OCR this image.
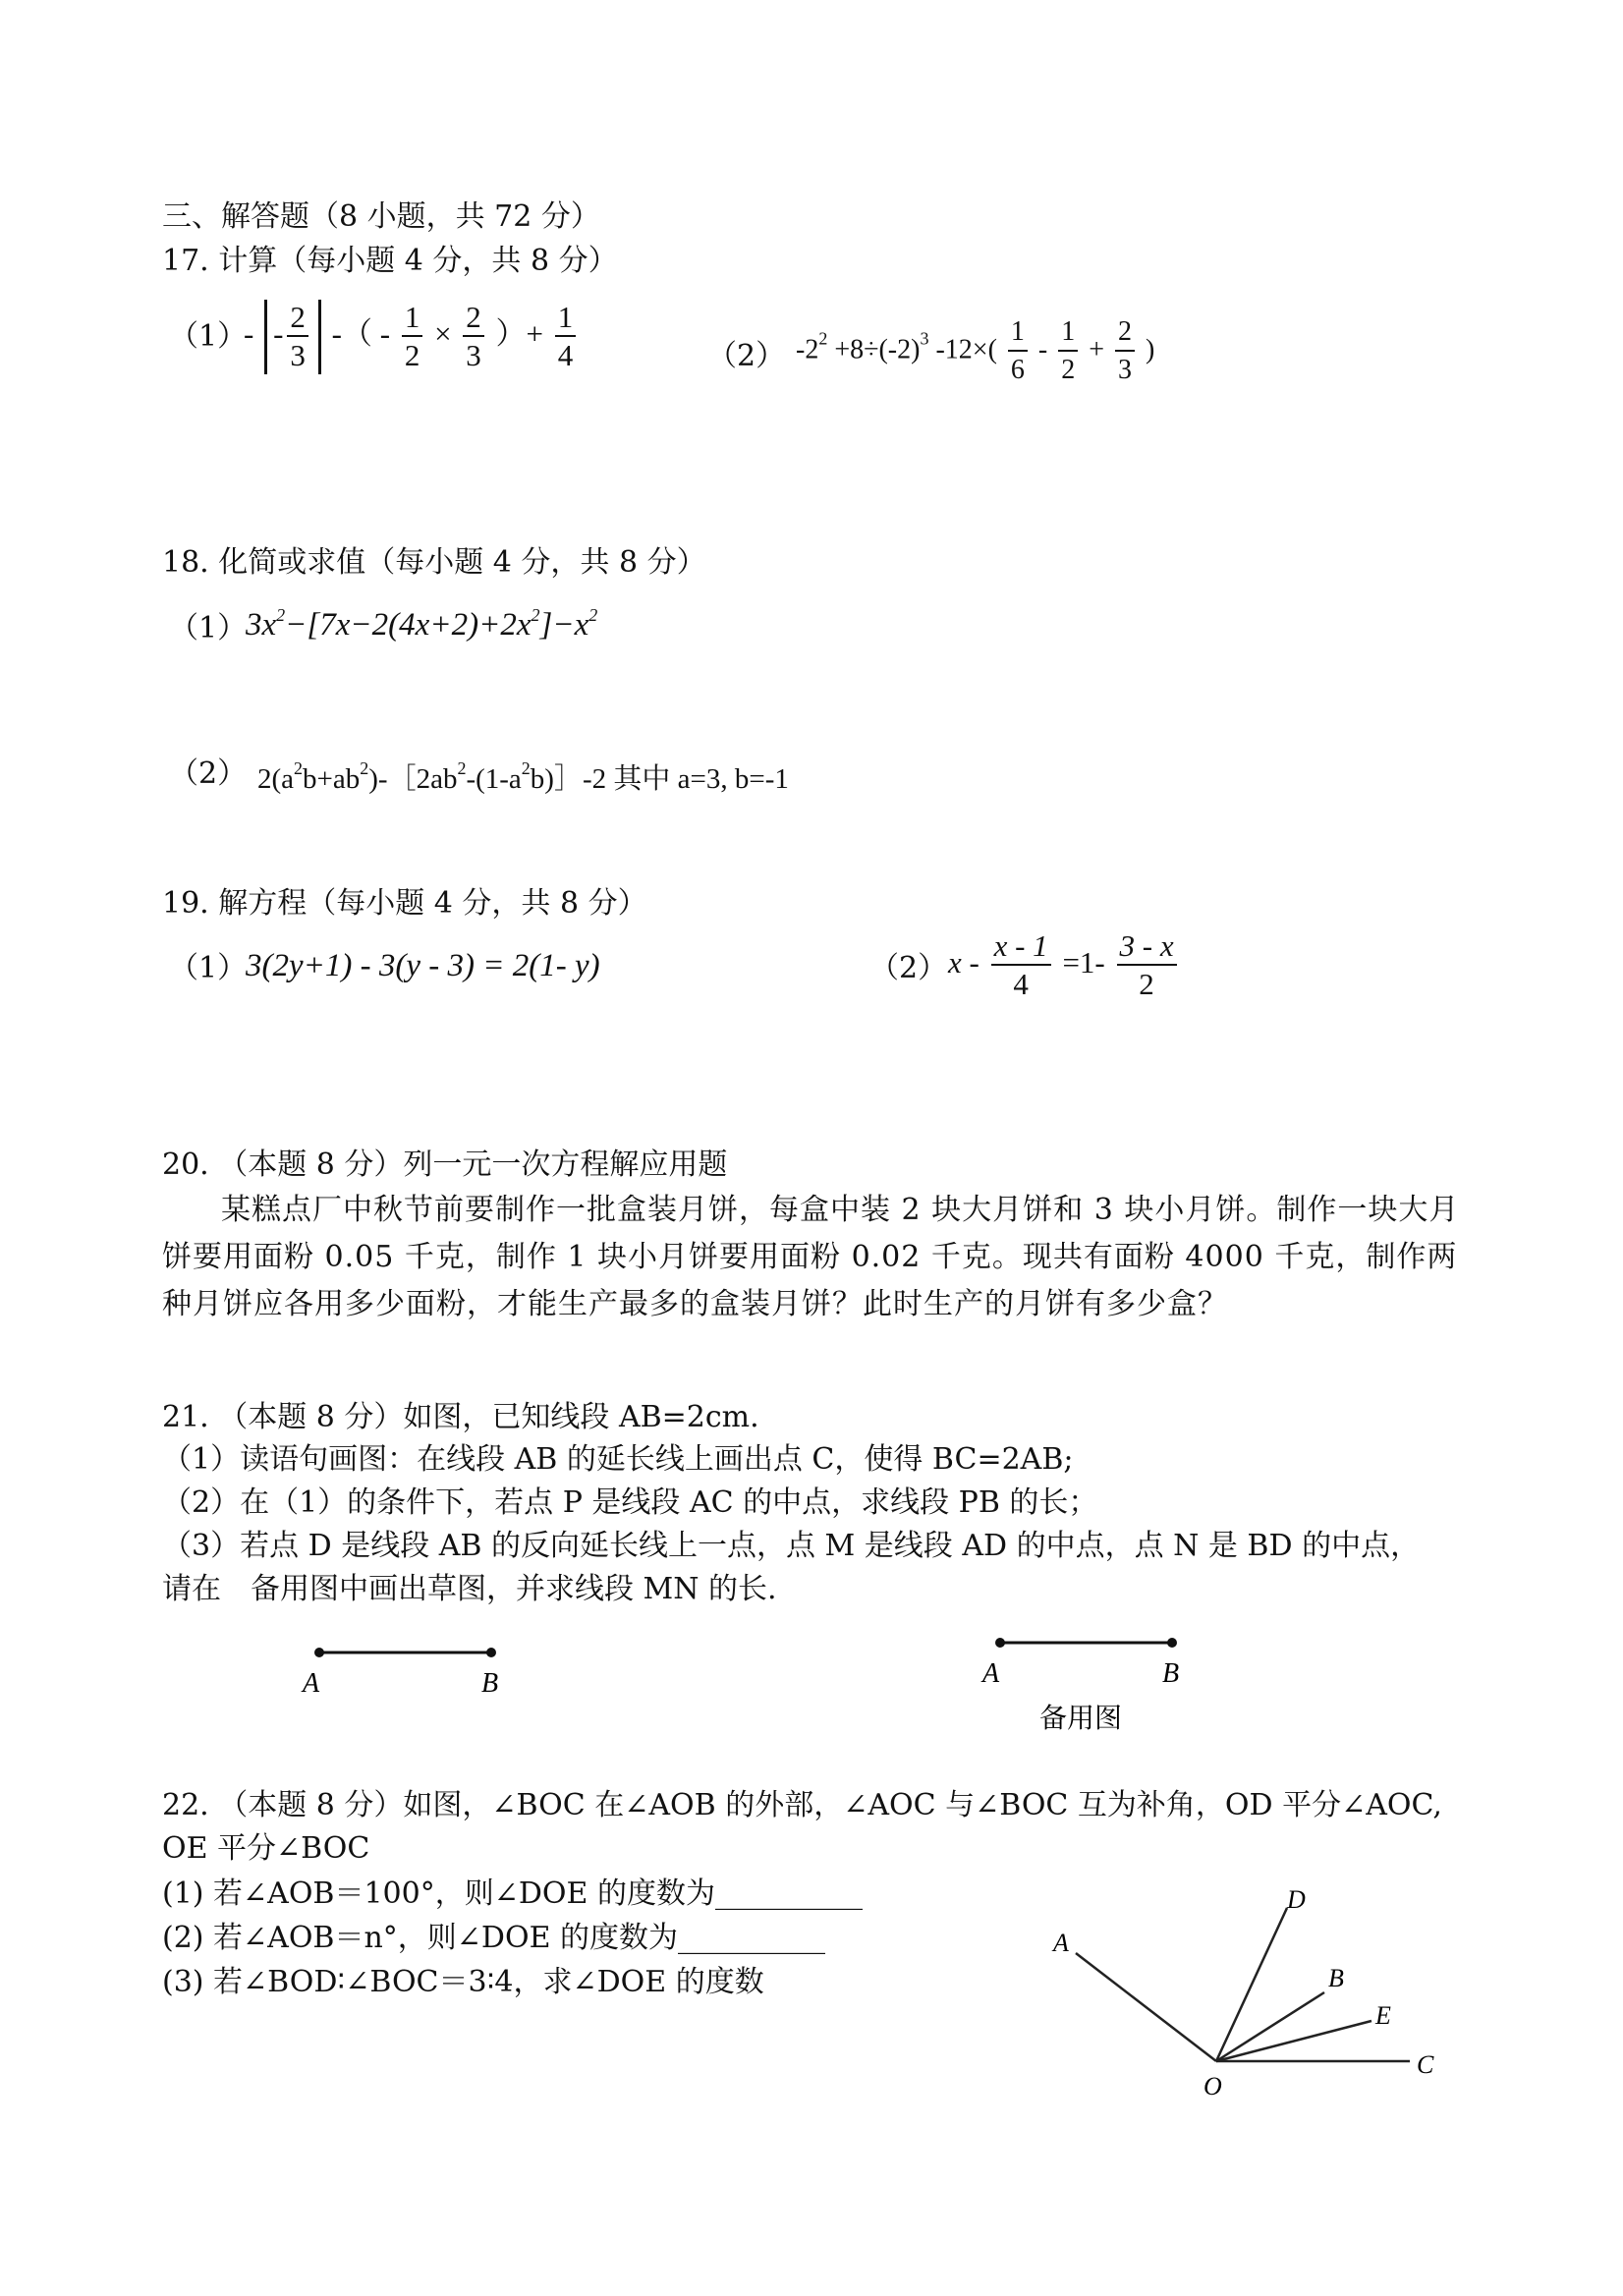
三、解答题（8 小题，共 72 分）
17. 计算（每小题 4 分，共 8 分）
（1）
- - $\frac{2}{3}$ -（ - $\frac{1}{2} \times \frac{2}{3}$ ）+ $\frac{1}{4}$	（2） $-2^2 +8\div(-2)^3$ $-12\times( \frac{1}{6} - \frac{1}{2} + \frac{2}{3}$ )
18. 化简或求值（每小题 4 分，共 8 分）
（1）
$3x^2-[7x-2(4x+2)+2x^2]-x^2$
（2） $2(a^2b+ab^2)-[2ab^2-(1-a^2b)]-2$ 其中 a=3, b=-1
19. 解方程（每小题 4 分，共 8 分）
（1）
3(2y+1) - 3(y - 3) = 2(1- y)	（2） $x - \frac{x - 1}{4} =1- \frac{3 - x}{2}$
20. （本题 8 分）列一元一次方程解应用题
某糕点厂中秋节前要制作一批盒装月饼，每盒中装 2 块大月饼和 3 块小月饼。制作一块大月饼要用面粉 0.05 千克，制作 1 块小月饼要用面粉 0.02 千克。现共有面粉 4000 千克，制作两种月饼应各用多少面粉，才能生产最多的盒装月饼？此时生产的月饼有多少盒？
21. （本题 8 分）如图，已知线段 AB=2cm.
（1）读语句画图：在线段 AB 的延长线上画出点 C，使得 BC=2AB;
（2）在（1）的条件下，若点 P 是线段 AC 的中点，求线段 PB 的长；
（3）若点 D 是线段 AB 的反向延长线上一点，点 M 是线段 AD 的中点，点 N 是 BD 的中点，
请在　备用图中画出草图，并求线段 MN 的长.
A	B	A	B
备用图
22. （本题 8 分）如图，∠BOC 在∠AOB 的外部，∠AOC 与∠BOC 互为补角，OD 平分∠AOC,
OE 平分∠BOC
(1) 若∠AOB＝100°，则∠DOE 的度数为__________
(2) 若∠AOB＝n°，则∠DOE 的度数为__________
(3) 若∠BOD∶∠BOC＝3∶4，求∠DOE 的度数
A
D
B
E
C
O
